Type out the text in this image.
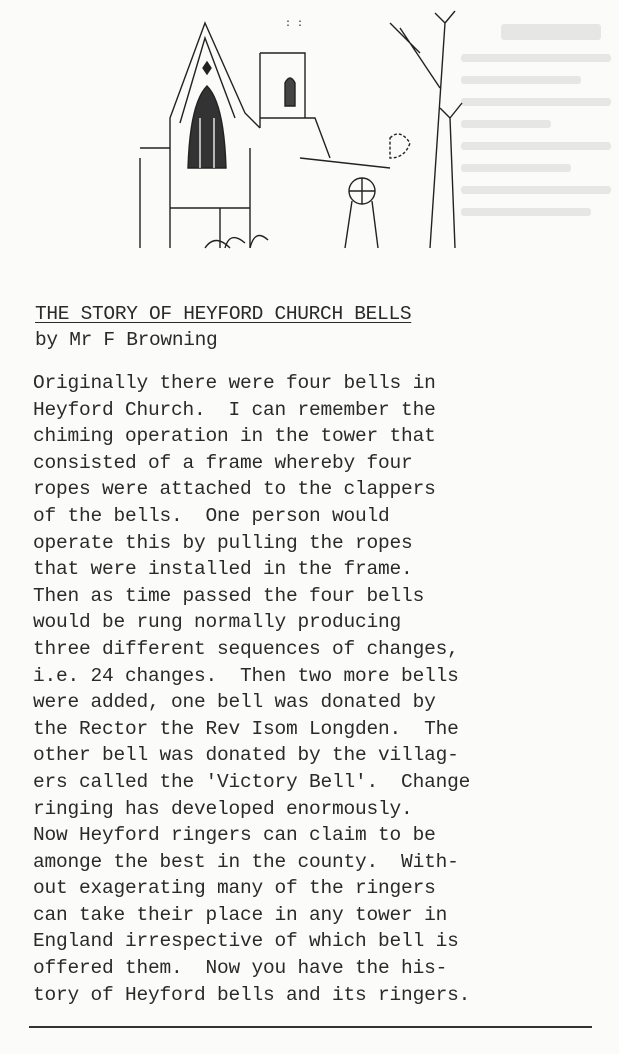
: :
THE STORY OF HEYFORD CHURCH BELLS
by Mr F Browning
Originally there were four bells in
Heyford Church.  I can remember the
chiming operation in the tower that
consisted of a frame whereby four
ropes were attached to the clappers
of the bells.  One person would
operate this by pulling the ropes
that were installed in the frame.
Then as time passed the four bells
would be rung normally producing
three different sequences of changes,
i.e. 24 changes.  Then two more bells
were added, one bell was donated by
the Rector the Rev Isom Longden.  The
other bell was donated by the villag-
ers called the 'Victory Bell'.  Change
ringing has developed enormously.
Now Heyford ringers can claim to be
amonge the best in the county.  With-
out exagerating many of the ringers
can take their place in any tower in
England irrespective of which bell is
offered them.  Now you have the his-
tory of Heyford bells and its ringers.
